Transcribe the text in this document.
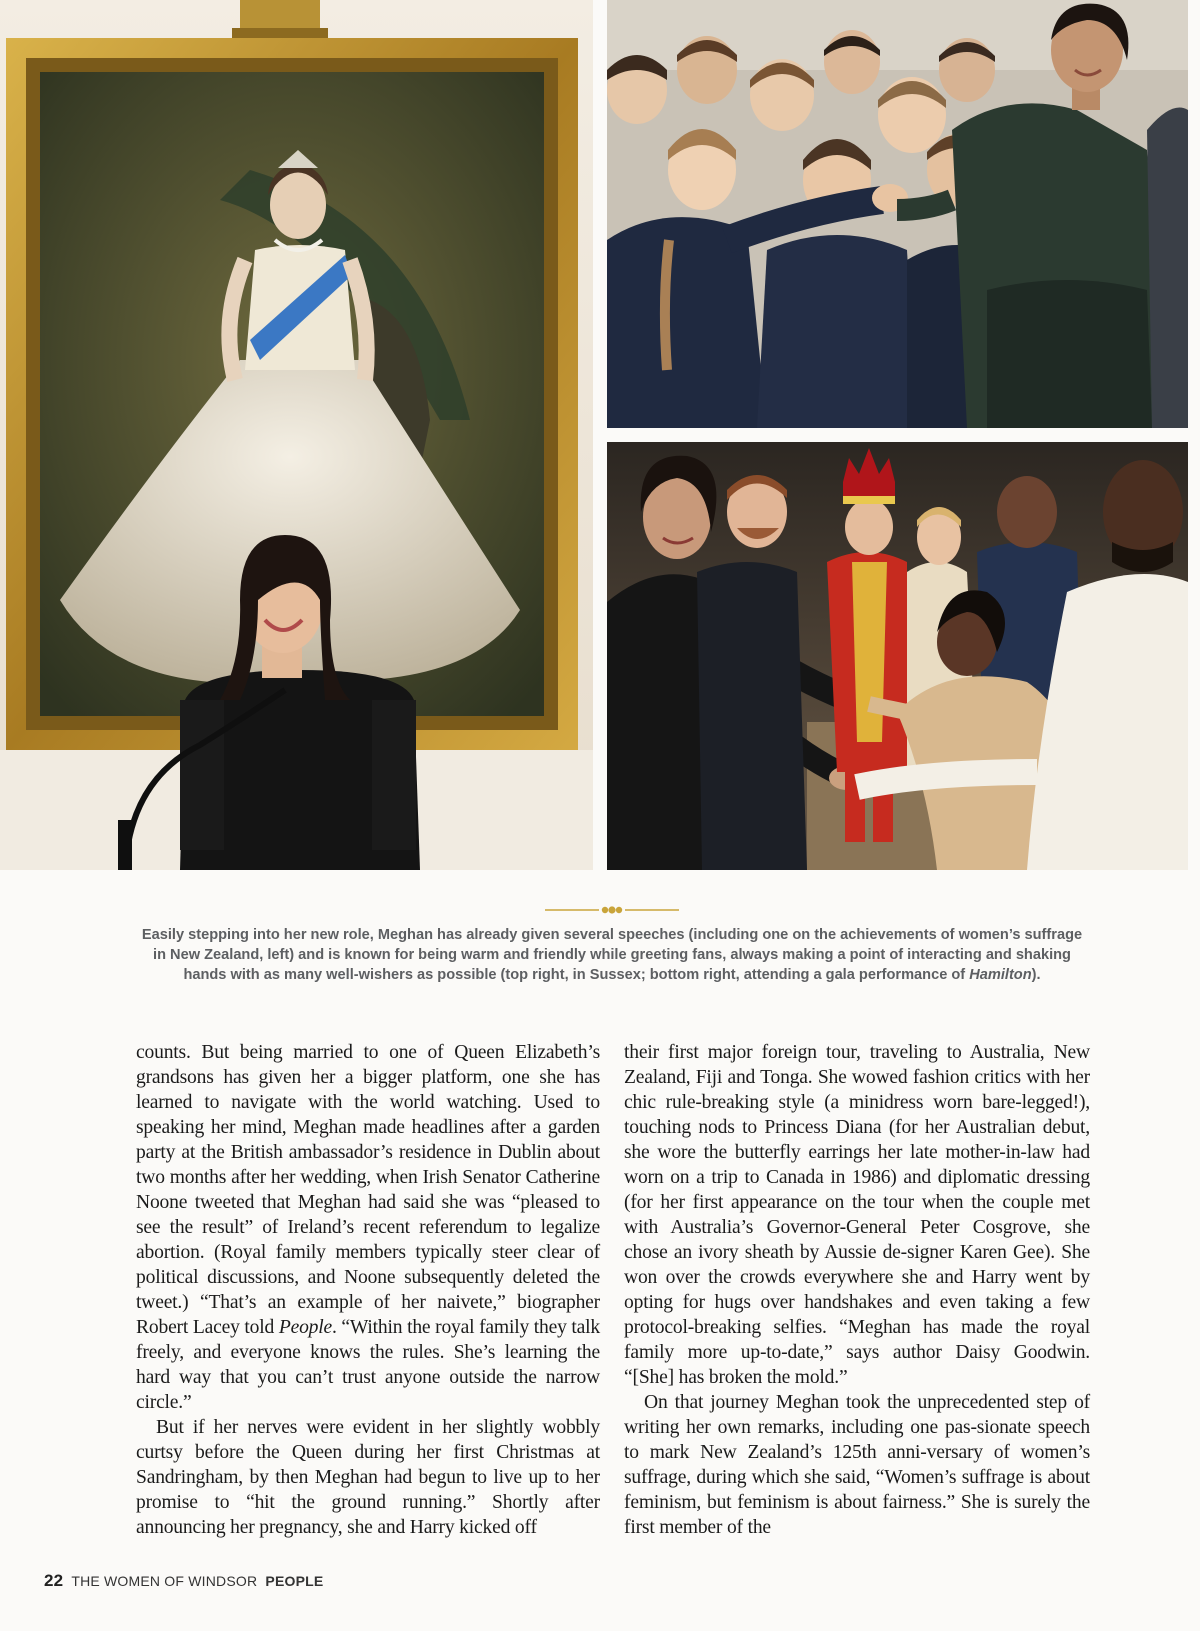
Easily stepping into her new role, Meghan has already given several speeches (including one on the achievements of women’s suffrage in New Zealand, left) and is known for being warm and friendly while greeting fans, always making a point of interacting and shaking hands with as many well-wishers as possible (top right, in Sussex; bottom right, attending a gala performance of Hamilton).

counts. But being married to one of Queen Elizabeth’s grandsons has given her a bigger platform, one she has learned to navigate with the world watching. Used to speaking her mind, Meghan made headlines after a garden party at the British ambassador’s residence in Dublin about two months after her wedding, when Irish Senator Catherine Noone tweeted that Meghan had said she was “pleased to see the result” of Ireland’s recent referendum to legalize abortion. (Royal family members typically steer clear of political discussions, and Noone subsequently deleted the tweet.) “That’s an example of her naivete,” biographer Robert Lacey told People. “Within the royal family they talk freely, and everyone knows the rules. She’s learning the hard way that you can’t trust anyone outside the narrow circle.”

But if her nerves were evident in her slightly wobbly curtsy before the Queen during her first Christmas at Sandringham, by then Meghan had begun to live up to her promise to “hit the ground running.” Shortly after announcing her pregnancy, she and Harry kicked off

their first major foreign tour, traveling to Australia, New Zealand, Fiji and Tonga. She wowed fashion critics with her chic rule-breaking style (a minidress worn bare-legged!), touching nods to Princess Diana (for her Australian debut, she wore the butterfly earrings her late mother-in-law had worn on a trip to Canada in 1986) and diplomatic dressing (for her first appearance on the tour when the couple met with Australia’s Governor-General Peter Cosgrove, she chose an ivory sheath by Aussie de-signer Karen Gee). She won over the crowds everywhere she and Harry went by opting for hugs over handshakes and even taking a few protocol-breaking selfies. “Meghan has made the royal family more up-to-date,” says author Daisy Goodwin. “[She] has broken the mold.”

On that journey Meghan took the unprecedented step of writing her own remarks, including one pas-sionate speech to mark New Zealand’s 125th anni-versary of women’s suffrage, during which she said, “Women’s suffrage is about feminism, but feminism is about fairness.” She is surely the first member of the

22 THE WOMEN OF WINDSOR PEOPLE
